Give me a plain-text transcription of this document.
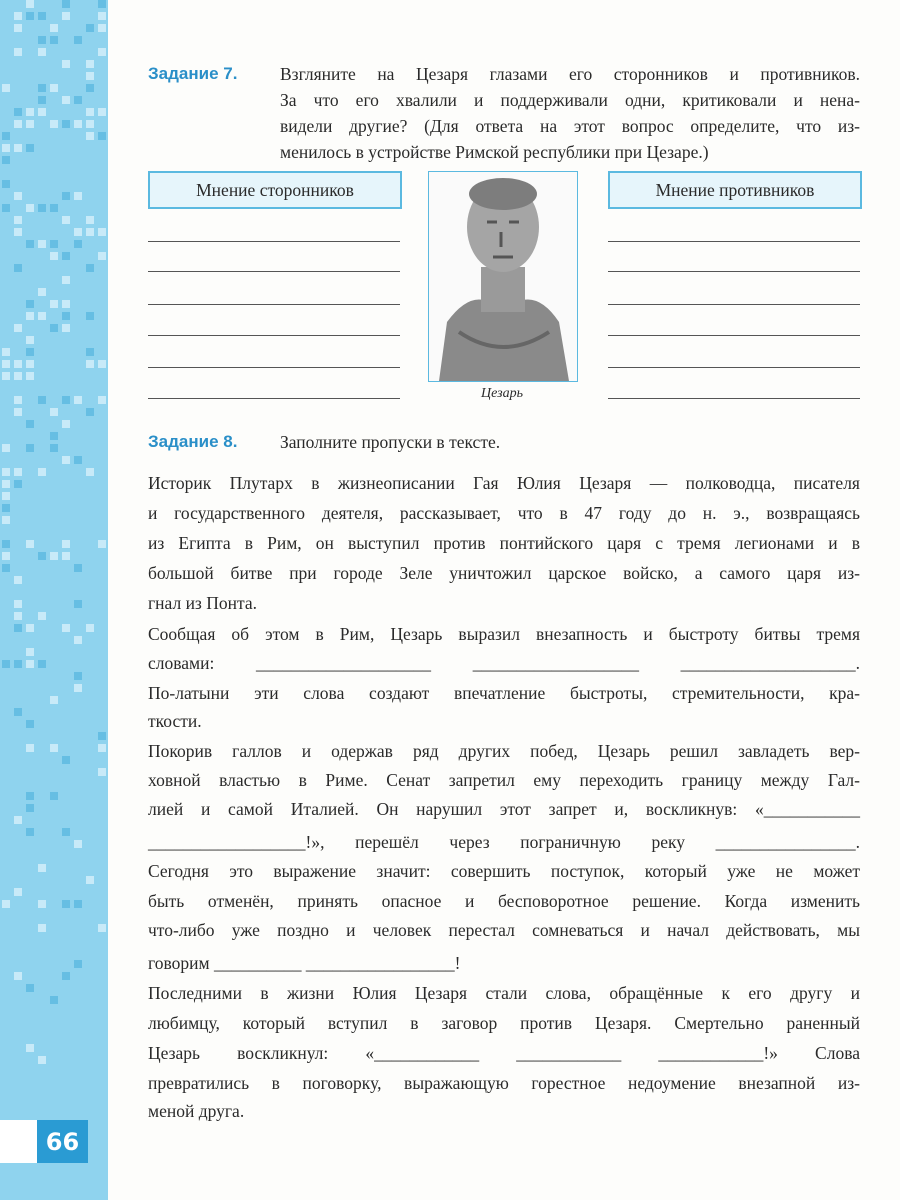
66
Задание 7. Взгляните на Цезаря глазами его сторонников и противников.
За что его хвалили и поддерживали одни, критиковали и нена-
видели другие? (Для ответа на этот вопрос определите, что из-
менилось в устройстве Римской республики при Цезаре.)
Мнение сторонников	Мнение противников
Цезарь
Задание 8. Заполните пропуски в тексте.
Историк Плутарх в жизнеописании Гая Юлия Цезаря — полководца, писателя
и государственного деятеля, рассказывает, что в 47 году до н. э., возвращаясь
из Египта в Рим, он выступил против понтийского царя с тремя легионами и в
большой битве при городе Зеле уничтожил царское войско, а самого царя из-
гнал из Понта.
Сообщая об этом в Рим, Цезарь выразил внезапность и быстроту битвы тремя
словами: ____________________ ___________________ ____________________.
По-латыни эти слова создают впечатление быстроты, стремительности, кра-
ткости.
Покорив галлов и одержав ряд других побед, Цезарь решил завладеть вер-
ховной властью в Риме. Сенат запретил ему переходить границу между Гал-
лией и самой Италией. Он нарушил этот запрет и, воскликнув: «___________
__________________!», перешёл через пограничную реку ________________.
Сегодня это выражение значит: совершить поступок, который уже не может
быть отменён, принять опасное и бесповоротное решение. Когда изменить
что-либо уже поздно и человек перестал сомневаться и начал действовать, мы
говорим __________ _________________!
Последними в жизни Юлия Цезаря стали слова, обращённые к его другу и
любимцу, который вступил в заговор против Цезаря. Смертельно раненный
Цезарь воскликнул: «____________ ____________ ____________!» Слова
превратились в поговорку, выражающую горестное недоумение внезапной из-
меной друга.
